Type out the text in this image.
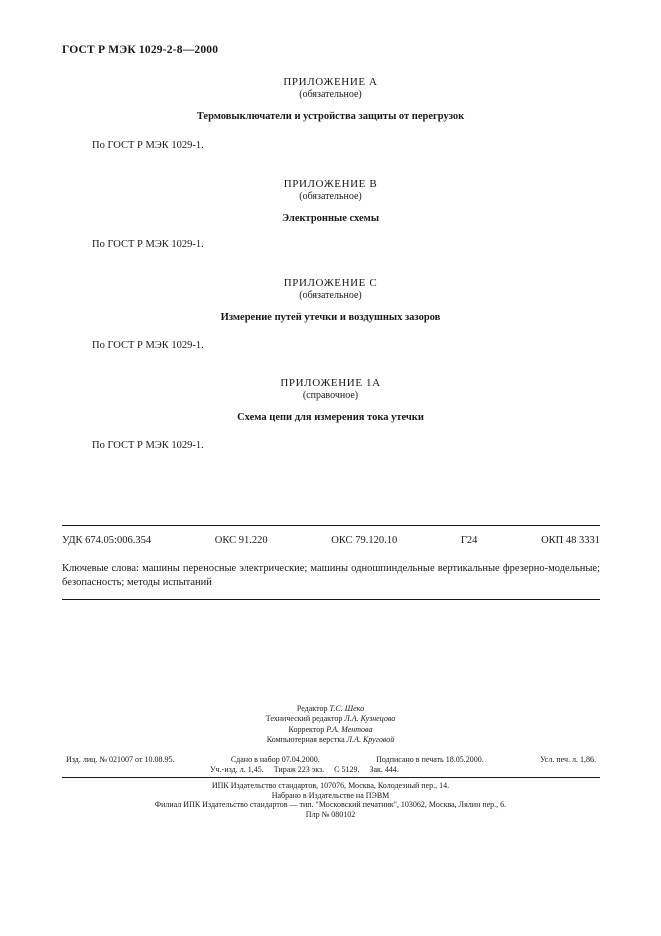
ГОСТ Р МЭК 1029-2-8—2000
ПРИЛОЖЕНИЕ А
(обязательное)
Термовыключатели и устройства защиты от перегрузок
По ГОСТ Р МЭК 1029-1.
ПРИЛОЖЕНИЕ В
(обязательное)
Электронные схемы
По ГОСТ Р МЭК 1029-1.
ПРИЛОЖЕНИЕ С
(обязательное)
Измерение путей утечки и воздушных зазоров
По ГОСТ Р МЭК 1029-1.
ПРИЛОЖЕНИЕ 1А
(справочное)
Схема цепи для измерения тока утечки
По ГОСТ Р МЭК 1029-1.
УДК 674.05:006.354	ОКС 91.220	ОКС 79.120.10	Г24	ОКП 48 3331
Ключевые слова: машины переносные электрические; машины одношпиндельные вертикальные фрезерно-модельные; безопасность; методы испытаний
Редактор Т.С. Шеко
Технический редактор Л.А. Кузнецова
Корректор Р.А. Ментова
Компьютерная верстка Л.А. Круговой
Изд. лиц. № 021007 от 10.08.95.	Сдано в набор 07.04.2000.	Подписано в печать 18.05.2000.	Усл. печ. л. 1,86.
Уч.-изд. л. 1,45. Тираж 223 экз. С 5129. Зак. 444.
ИПК Издательство стандартов, 107076, Москва, Колодезный пер., 14.
Набрано в Издательстве на ПЭВМ
Филиал ИПК Издательство стандартов — тип. "Московский печатник", 103062, Москва, Лялин пер., 6.
Плр № 080102
